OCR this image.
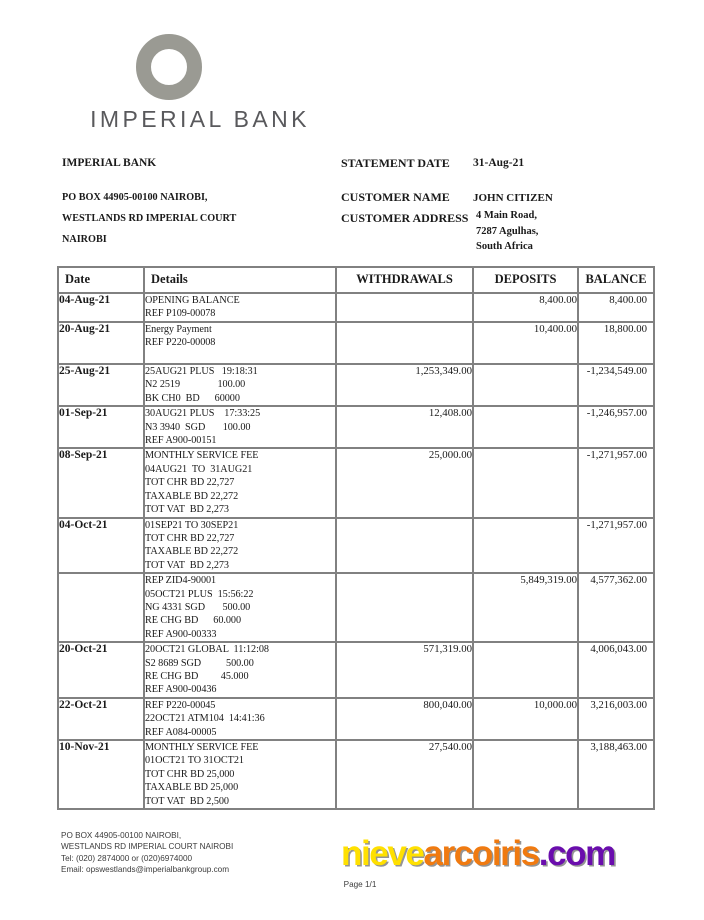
IMPERIAL BANK
IMPERIAL BANK
PO BOX 44905-00100 NAIROBI,
WESTLANDS RD IMPERIAL COURT
NAIROBI
STATEMENT DATE 31-Aug-21
CUSTOMER NAME
CUSTOMER ADDRESS
JOHN CITIZEN
4 Main Road,
7287 Agulhas,
South Africa
Date	Details	WITHDRAWALS	DEPOSITS	BALANCE
04-Aug-21	OPENING BALANCE
REF P109-00078		8,400.00	8,400.00
20-Aug-21	Energy Payment
REF P220-00008		10,400.00	18,800.00
25-Aug-21	25AUG21 PLUS   19:18:31
N2 2519               100.00
BK CH0  BD      60000	1,253,349.00		-1,234,549.00
01-Sep-21	30AUG21 PLUS    17:33:25
N3 3940  SGD       100.00
REF A900-00151	12,408.00		-1,246,957.00
08-Sep-21	MONTHLY SERVICE FEE
04AUG21  TO  31AUG21
TOT CHR BD 22,727
TAXABLE BD 22,272
TOT VAT  BD 2,273	25,000.00		-1,271,957.00
04-Oct-21	01SEP21 TO 30SEP21
TOT CHR BD 22,727
TAXABLE BD 22,272
TOT VAT  BD 2,273			-1,271,957.00

	REP ZID4-90001
05OCT21 PLUS  15:56:22
NG 4331 SGD       500.00
RE CHG BD      60.000
REF A900-00333		5,849,319.00	4,577,362.00
20-Oct-21	20OCT21 GLOBAL  11:12:08
S2 8689 SGD          500.00
RE CHG BD         45.000
REF A900-00436	571,319.00		4,006,043.00
22-Oct-21	REF P220-00045
22OCT21 ATM104  14:41:36
REF A084-00005	800,040.00	10,000.00	3,216,003.00
10-Nov-21	MONTHLY SERVICE FEE
01OCT21 TO 31OCT21
TOT CHR BD 25,000
TAXABLE BD 25,000
TOT VAT  BD 2,500	27,540.00		3,188,463.00
PO BOX 44905-00100 NAIROBI,
WESTLANDS RD IMPERIAL COURT NAIROBI
Tel: (020) 2874000 or (020)6974000
Email: opswestlands@imperialbankgroup.com
Page 1/1
nievearcoiris.com
